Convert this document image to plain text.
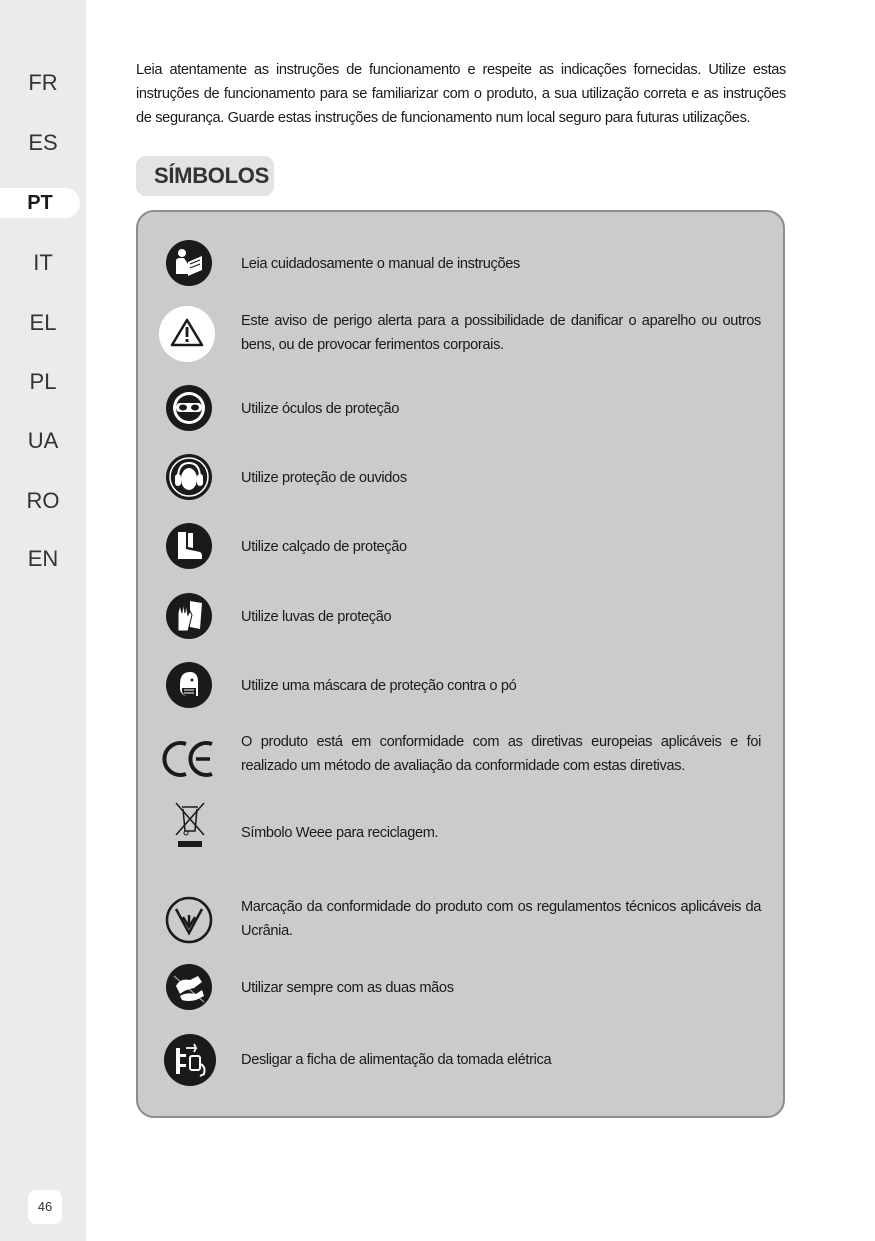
FR
ES
PT
IT
EL
PL
UA
RO
EN
46
Leia atentamente as instruções de funcionamento e respeite as indicações fornecidas. Utilize estas instruções de funcionamento para se familiarizar com o produto, a sua utilização correta e as instruções de segurança. Guarde estas instruções de funcionamento num local seguro para futuras utilizações.
SÍMBOLOS
Leia cuidadosamente o manual de instruções
Este aviso de perigo alerta para a possibilidade de danificar o aparelho ou outros bens, ou de provocar ferimentos corporais.
Utilize óculos de proteção
Utilize proteção de ouvidos
Utilize calçado de proteção
Utilize luvas de proteção
Utilize uma máscara de proteção contra o pó
O produto está em conformidade com as diretivas europeias aplicáveis e foi realizado um método de avaliação da conformidade com estas diretivas.
Símbolo Weee para reciclagem.
Marcação da conformidade do produto com os regulamentos técnicos aplicáveis da Ucrânia.
Utilizar sempre com as duas mãos
Desligar a ficha de alimentação da tomada elétrica
